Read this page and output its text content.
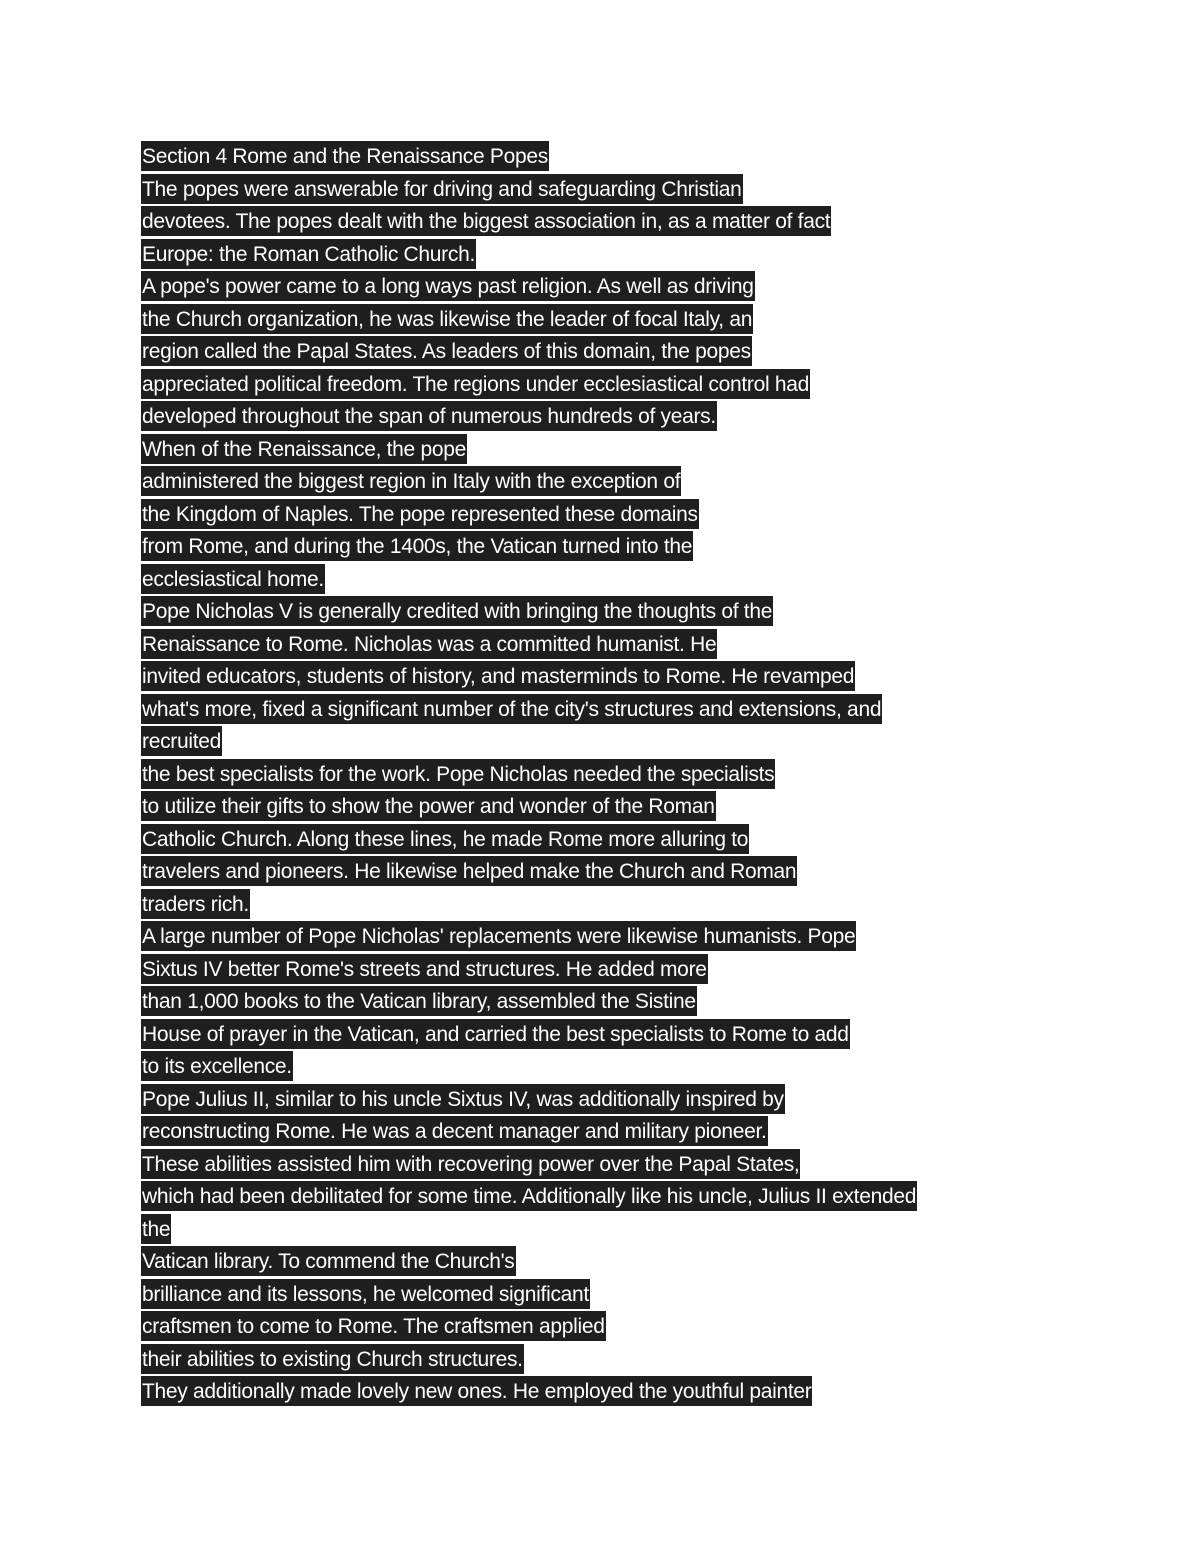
Section 4 Rome and the Renaissance Popes
The popes were answerable for driving and safeguarding Christian
devotees. The popes dealt with the biggest association in, as a matter of fact
Europe: the Roman Catholic Church.
A pope's power came to a long ways past religion. As well as driving
the Church organization, he was likewise the leader of focal Italy, an
region called the Papal States. As leaders of this domain, the popes
appreciated political freedom. The regions under ecclesiastical control had
developed throughout the span of numerous hundreds of years.
When of the Renaissance, the pope
administered the biggest region in Italy with the exception of
the Kingdom of Naples. The pope represented these domains
from Rome, and during the 1400s, the Vatican turned into the
ecclesiastical home.
Pope Nicholas V is generally credited with bringing the thoughts of the
Renaissance to Rome. Nicholas was a committed humanist. He
invited educators, students of history, and masterminds to Rome. He revamped
what's more, fixed a significant number of the city's structures and extensions, and
recruited
the best specialists for the work. Pope Nicholas needed the specialists
to utilize their gifts to show the power and wonder of the Roman
Catholic Church. Along these lines, he made Rome more alluring to
travelers and pioneers. He likewise helped make the Church and Roman
traders rich.
A large number of Pope Nicholas' replacements were likewise humanists. Pope
Sixtus IV better Rome's streets and structures. He added more
than 1,000 books to the Vatican library, assembled the Sistine
House of prayer in the Vatican, and carried the best specialists to Rome to add
to its excellence.
Pope Julius II, similar to his uncle Sixtus IV, was additionally inspired by
reconstructing Rome. He was a decent manager and military pioneer.
These abilities assisted him with recovering power over the Papal States,
which had been debilitated for some time. Additionally like his uncle, Julius II extended
the
Vatican library. To commend the Church's
brilliance and its lessons, he welcomed significant
craftsmen to come to Rome. The craftsmen applied
their abilities to existing Church structures.
They additionally made lovely new ones. He employed the youthful painter
